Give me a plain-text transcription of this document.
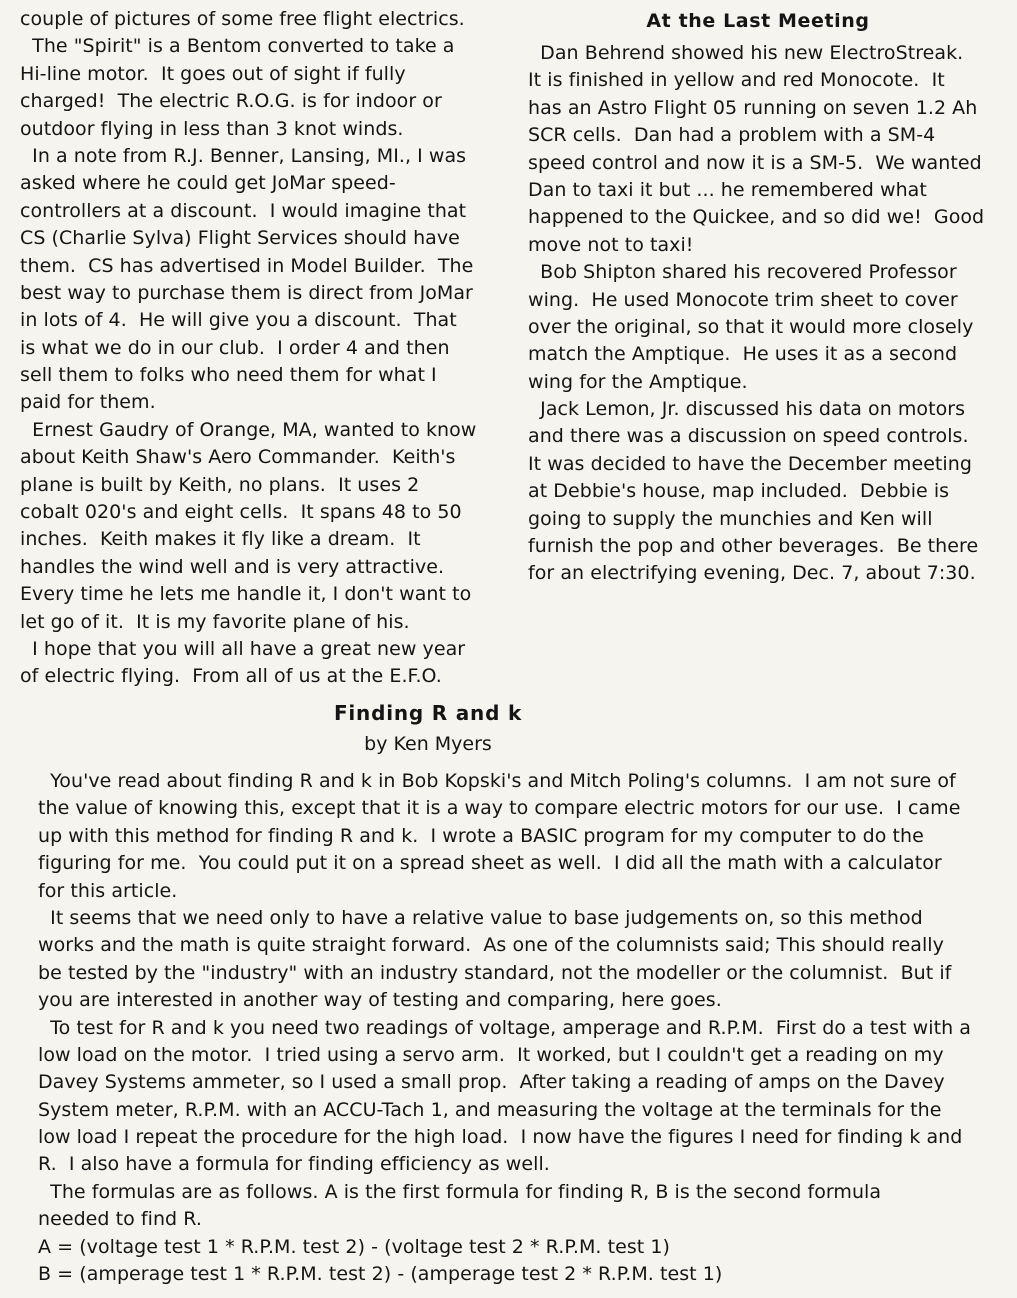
couple of pictures of some free flight electrics.
The "Spirit" is a Bentom converted to take a
Hi-line motor.  It goes out of sight if fully
charged!  The electric R.O.G. is for indoor or
outdoor flying in less than 3 knot winds.
In a note from R.J. Benner, Lansing, MI., I was
asked where he could get JoMar speed-
controllers at a discount.  I would imagine that
CS (Charlie Sylva) Flight Services should have
them.  CS has advertised in Model Builder.  The
best way to purchase them is direct from JoMar
in lots of 4.  He will give you a discount.  That
is what we do in our club.  I order 4 and then
sell them to folks who need them for what I
paid for them.
Ernest Gaudry of Orange, MA, wanted to know
about Keith Shaw's Aero Commander.  Keith's
plane is built by Keith, no plans.  It uses 2
cobalt 020's and eight cells.  It spans 48 to 50
inches.  Keith makes it fly like a dream.  It
handles the wind well and is very attractive.
Every time he lets me handle it, I don't want to
let go of it.  It is my favorite plane of his.
I hope that you will all have a great new year
of electric flying.  From all of us at the E.F.O.
At the Last Meeting
Dan Behrend showed his new ElectroStreak.
It is finished in yellow and red Monocote.  It
has an Astro Flight 05 running on seven 1.2 Ah
SCR cells.  Dan had a problem with a SM-4
speed control and now it is a SM-5.  We wanted
Dan to taxi it but ... he remembered what
happened to the Quickee, and so did we!  Good
move not to taxi!
Bob Shipton shared his recovered Professor
wing.  He used Monocote trim sheet to cover
over the original, so that it would more closely
match the Amptique.  He uses it as a second
wing for the Amptique.
Jack Lemon, Jr. discussed his data on motors
and there was a discussion on speed controls.
It was decided to have the December meeting
at Debbie's house, map included.  Debbie is
going to supply the munchies and Ken will
furnish the pop and other beverages.  Be there
for an electrifying evening, Dec. 7, about 7:30.
Finding R and k
by Ken Myers
You've read about finding R and k in Bob Kopski's and Mitch Poling's columns.  I am not sure of
the value of knowing this, except that it is a way to compare electric motors for our use.  I came
up with this method for finding R and k.  I wrote a BASIC program for my computer to do the
figuring for me.  You could put it on a spread sheet as well.  I did all the math with a calculator
for this article.
It seems that we need only to have a relative value to base judgements on, so this method
works and the math is quite straight forward.  As one of the columnists said; This should really
be tested by the "industry" with an industry standard, not the modeller or the columnist.  But if
you are interested in another way of testing and comparing, here goes.
To test for R and k you need two readings of voltage, amperage and R.P.M.  First do a test with a
low load on the motor.  I tried using a servo arm.  It worked, but I couldn't get a reading on my
Davey Systems ammeter, so I used a small prop.  After taking a reading of amps on the Davey
System meter, R.P.M. with an ACCU-Tach 1, and measuring the voltage at the terminals for the
low load I repeat the procedure for the high load.  I now have the figures I need for finding k and
R.  I also have a formula for finding efficiency as well.
The formulas are as follows. A is the first formula for finding R, B is the second formula
needed to find R.
A = (voltage test 1 * R.P.M. test 2) - (voltage test 2 * R.P.M. test 1)
B = (amperage test 1 * R.P.M. test 2) - (amperage test 2 * R.P.M. test 1)
